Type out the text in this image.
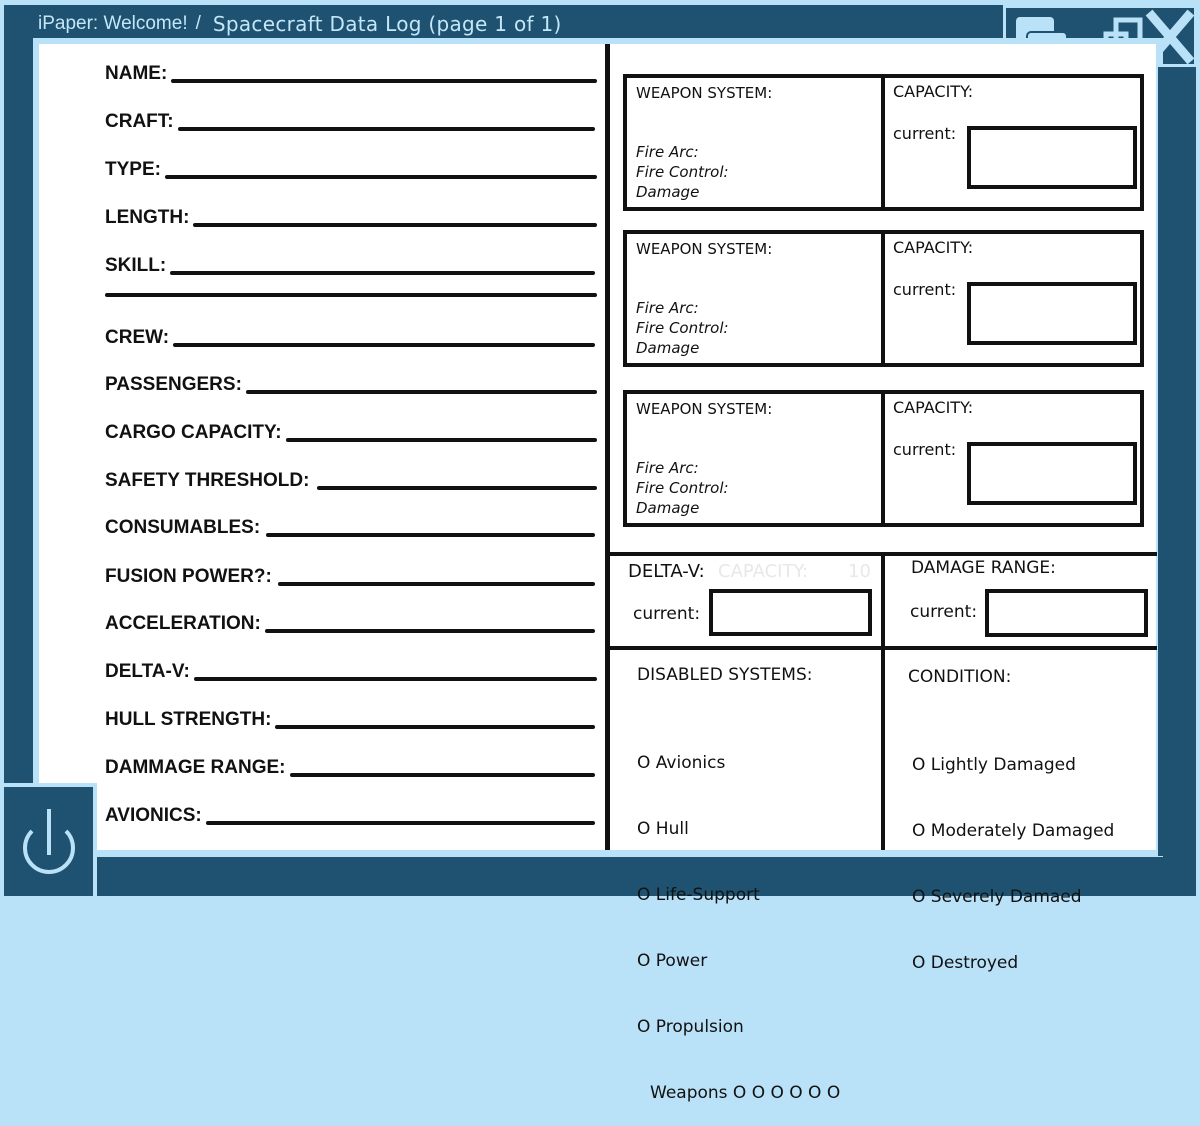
iPaper: Welcome! / Spacecraft Data Log (page 1 of 1)
NAME:
CRAFT:
TYPE:
LENGTH:
SKILL:
CREW:
PASSENGERS:
CARGO CAPACITY:
SAFETY THRESHOLD:
CONSUMABLES:
FUSION POWER?:
ACCELERATION:
DELTA-V:
HULL STRENGTH:
DAMMAGE RANGE:
AVIONICS:
WEAPON SYSTEM:
Fire Arc:
Fire Control:
Damage
CAPACITY:
current:
WEAPON SYSTEM:
Fire Arc:
Fire Control:
Damage
CAPACITY:
current:
WEAPON SYSTEM:
Fire Arc:
Fire Control:
Damage
CAPACITY:
current:
DELTA-V: CAPACITY: 10
current:
DAMAGE RANGE:
current:
DISABLED SYSTEMS:

O Avionics

O Hull

O Life-Support

O Power

O Propulsion

Weapons O O O O O O

CONDITION:

O Lightly Damaged

O Moderately Damaged

O Severely Damaed

O Destroyed
